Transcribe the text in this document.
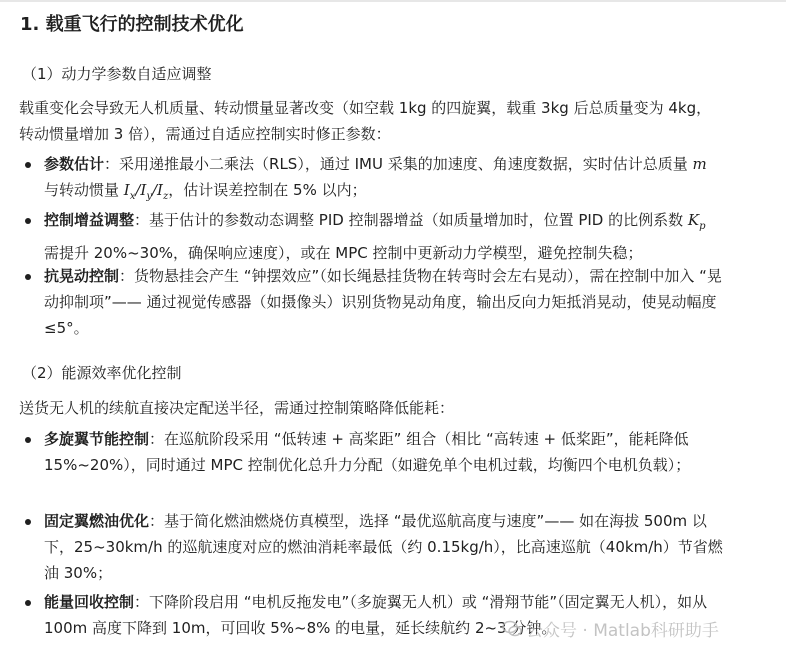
1. 载重飞行的控制技术优化
（1）动力学参数自适应调整
载重变化会导致无人机质量、转动惯量显著改变（如空载 1kg 的四旋翼，载重 3kg 后总质量变为 4kg，转动惯量增加 3 倍），需通过自适应控制实时修正参数：
参数估计：采用递推最小二乘法（RLS），通过 IMU 采集的加速度、角速度数据，实时估计总质量 m 与转动惯量 $I_x/I_y/I_z$，估计误差控制在 5% 以内；
控制增益调整：基于估计的参数动态调整 PID 控制器增益（如质量增加时，位置 PID 的比例系数 $K_p$ 需提升 20%~30%，确保响应速度），或在 MPC 控制中更新动力学模型，避免控制失稳；
抗晃动控制：货物悬挂会产生 “钟摆效应”（如长绳悬挂货物在转弯时会左右晃动），需在控制中加入 “晃动抑制项”—— 通过视觉传感器（如摄像头）识别货物晃动角度，输出反向力矩抵消晃动，使晃动幅度≤5°。
（2）能源效率优化控制
送货无人机的续航直接决定配送半径，需通过控制策略降低能耗：
多旋翼节能控制：在巡航阶段采用 “低转速 + 高桨距” 组合（相比 “高转速 + 低桨距”，能耗降低 15%~20%），同时通过 MPC 控制优化总升力分配（如避免单个电机过载，均衡四个电机负载）；
固定翼燃油优化：基于简化燃油燃烧仿真模型，选择 “最优巡航高度与速度”—— 如在海拔 500m 以下，25~30km/h 的巡航速度对应的燃油消耗率最低（约 0.15kg/h），比高速巡航（40km/h）节省燃油 30%；
能量回收控制：下降阶段启用 “电机反拖发电”（多旋翼无人机）或 “滑翔节能”（固定翼无人机），如从 100m 高度下降到 10m，可回收 5%~8% 的电量，延长续航约 2~3 分钟。
公众号 · Matlab科研助手
